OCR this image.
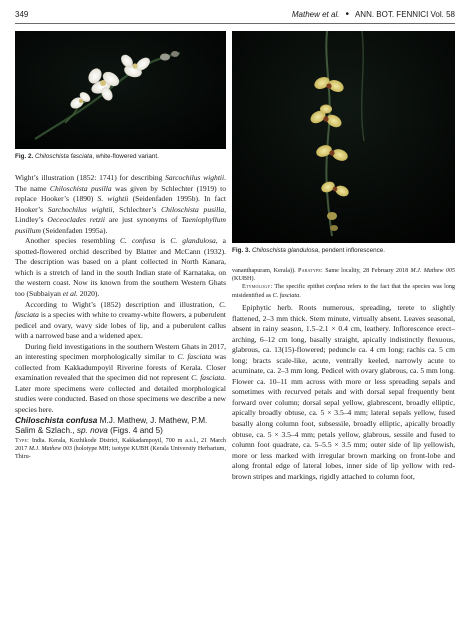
349	Mathew et al. • ANN. BOT. FENNICI Vol. 58
Fig. 2. Chiloschista fasciata, white-flowered variant.
Fig. 3. Chiloschista glandulosa, pendent inflorescence.

Wight’s illustration (1852: 1741) for describing Sarcochilus wightii. The name Chiloschista pusilla was given by Schlechter (1919) to replace Hooker’s (1890) S. wightii (Seidenfaden 1995b). In fact Hooker’s Sarchochilus wightii, Schlechter’s Chiloschista pusilla, Lindley’s Oeceoclades retzii are just synonyms of Taeniophyllum pusillum (Seidenfaden 1995a).

Another species resembling C. confusa is C. glandulosa, a spotted-flowered orchid described by Blatter and McCann (1932). The description was based on a plant collected in North Kanara, which is a stretch of land in the south Indian state of Karnataka, on the western coast. Now its known from the southern Western Ghats too (Subbaiyan et al. 2020).

According to Wight’s (1852) description and illustration, C. fasciata is a species with white to creamy-white flowers, a puberulent pedicel and ovary, wavy side lobes of lip, and a puberulent callus with a narrowed base and a widened apex.

During field investigations in the southern Western Ghats in 2017, an interesting specimen morphologically similar to C. fasciata was collected from Kakkadumpoyil Riverine forests of Kerala. Closer examination revealed that the specimen did not represent C. fasciata. Later more specimens were collected and detailed morphological studies were conducted. Based on those specimens we describe a new species here.

Chiloschista confusa M.J. Mathew, J. Mathew, P.M. Salim & Szlach., sp. nova (Figs. 4 and 5)

Type: India. Kerala, Kozhikode District, Kakkadampoyil, 700 m a.s.l., 21 March 2017 M.J. Mathew 003 (holotype MH; isotype KUBH (Kerala University Herbarium, Thiru-

vananthapuram, Kerala)). Paratype: Same locality, 28 February 2018 M.J. Mathew 005 (KUBH).

Etymology: The specific epithet confusa refers to the fact that the species was long misidentified as C. fasciata.

Epiphytic herb. Roots numerous, spreading, terete to slightly flattened, 2–3 mm thick. Stem minute, virtually absent. Leaves seasonal, absent in rainy season, 1.5–2.1 × 0.4 cm, leathery. Inflorescence erect–arching, 6–12 cm long, basally straight, apically indistinctly flexuous, glabrous, ca. 13(15)-flowered; peduncle ca. 4 cm long; rachis ca. 5 cm long; bracts scale-like, acute, ventrally keeled, narrowly acute to acuminate, ca. 2–3 mm long. Pedicel with ovary glabrous, ca. 5 mm long. Flower ca. 10–11 mm across with more or less spreading sepals and sometimes with recurved petals and with dorsal sepal frequently bent forward over column; dorsal sepal yellow, glabrescent, broadly elliptic, apically broadly obtuse, ca. 5 × 3.5–4 mm; lateral sepals yellow, fused basally along column foot, subsessile, broadly elliptic, apically broadly obtuse, ca. 5 × 3.5–4 mm; petals yellow, glabrous, sessile and fused to column foot quadrate, ca. 5–5.5 × 3.5 mm; outer side of lip yellowish, more or less marked with irregular brown marking on front-lobe and along frontal edge of lateral lobes, inner side of lip yellow with red-brown stripes and markings, rigidly attached to column foot,
